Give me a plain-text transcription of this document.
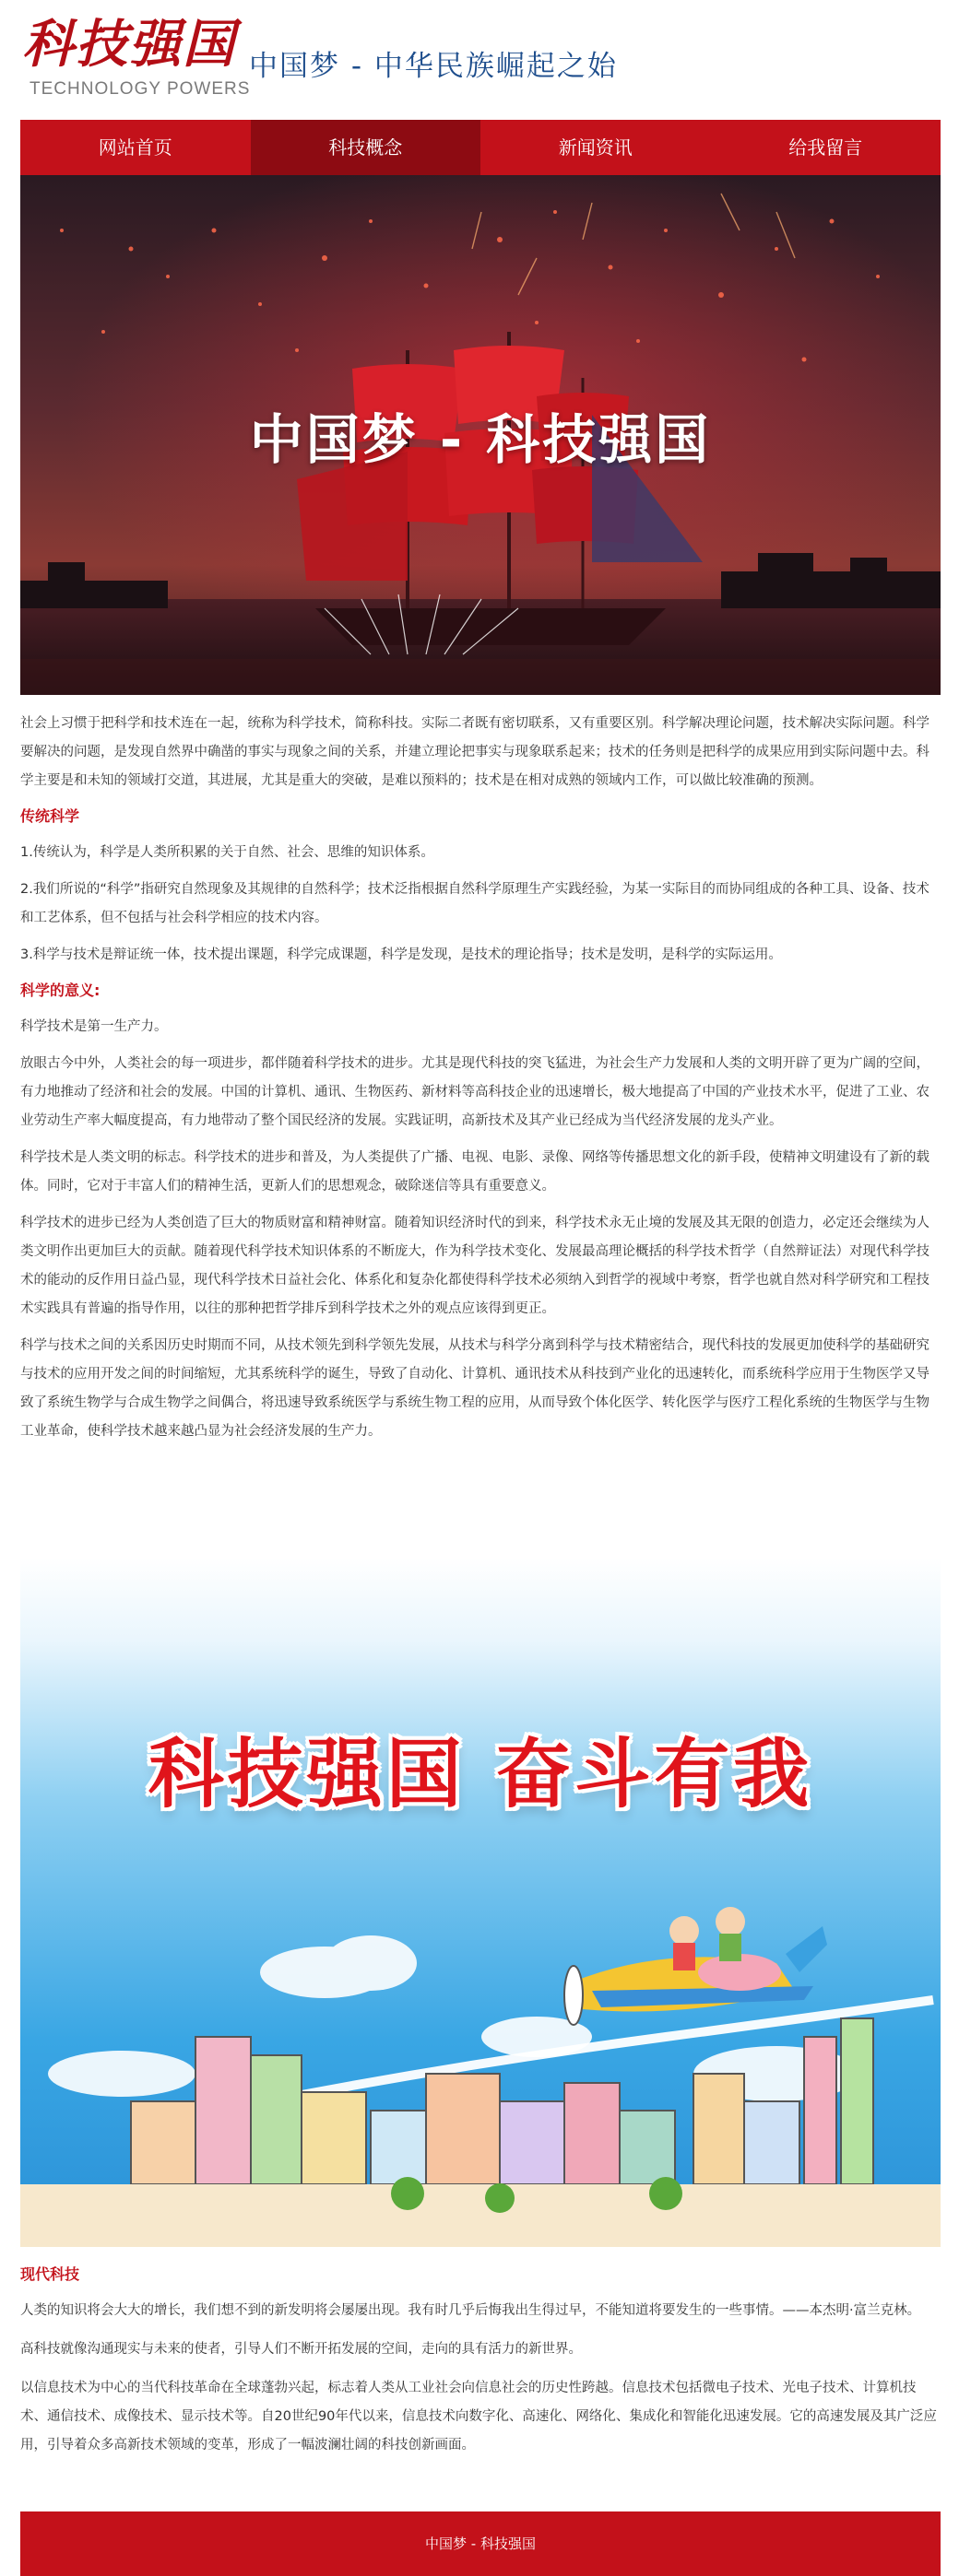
科技强国
TECHNOLOGY POWERS
中国梦 - 中华民族崛起之始
网站首页	科技概念	新闻资讯	给我留言
中国梦 - 科技强国

社会上习惯于把科学和技术连在一起，统称为科学技术，简称科技。实际二者既有密切联系，又有重要区别。科学解决理论问题，技术解决实际问题。科学要解决的问题，是发现自然界中确凿的事实与现象之间的关系，并建立理论把事实与现象联系起来；技术的任务则是把科学的成果应用到实际问题中去。科学主要是和未知的领域打交道，其进展，尤其是重大的突破，是难以预料的；技术是在相对成熟的领域内工作，可以做比较准确的预测。

传统科学

1.传统认为，科学是人类所积累的关于自然、社会、思维的知识体系。

2.我们所说的“科学”指研究自然现象及其规律的自然科学；技术泛指根据自然科学原理生产实践经验，为某一实际目的而协同组成的各种工具、设备、技术和工艺体系，但不包括与社会科学相应的技术内容。

3.科学与技术是辩证统一体，技术提出课题，科学完成课题，科学是发现，是技术的理论指导；技术是发明，是科学的实际运用。

科学的意义:

科学技术是第一生产力。

放眼古今中外，人类社会的每一项进步，都伴随着科学技术的进步。尤其是现代科技的突飞猛进，为社会生产力发展和人类的文明开辟了更为广阔的空间，有力地推动了经济和社会的发展。中国的计算机、通讯、生物医药、新材料等高科技企业的迅速增长，极大地提高了中国的产业技术水平，促进了工业、农业劳动生产率大幅度提高，有力地带动了整个国民经济的发展。实践证明，高新技术及其产业已经成为当代经济发展的龙头产业。

科学技术是人类文明的标志。科学技术的进步和普及，为人类提供了广播、电视、电影、录像、网络等传播思想文化的新手段，使精神文明建设有了新的载体。同时，它对于丰富人们的精神生活，更新人们的思想观念，破除迷信等具有重要意义。

科学技术的进步已经为人类创造了巨大的物质财富和精神财富。随着知识经济时代的到来，科学技术永无止境的发展及其无限的创造力，必定还会继续为人类文明作出更加巨大的贡献。随着现代科学技术知识体系的不断庞大，作为科学技术变化、发展最高理论概括的科学技术哲学（自然辩证法）对现代科学技术的能动的反作用日益凸显，现代科学技术日益社会化、体系化和复杂化都使得科学技术必须纳入到哲学的视域中考察，哲学也就自然对科学研究和工程技术实践具有普遍的指导作用，以往的那种把哲学排斥到科学技术之外的观点应该得到更正。

科学与技术之间的关系因历史时期而不同，从技术领先到科学领先发展，从技术与科学分离到科学与技术精密结合，现代科技的发展更加使科学的基础研究与技术的应用开发之间的时间缩短，尤其系统科学的诞生，导致了自动化、计算机、通讯技术从科技到产业化的迅速转化，而系统科学应用于生物医学又导致了系统生物学与合成生物学之间偶合，将迅速导致系统医学与系统生物工程的应用，从而导致个体化医学、转化医学与医疗工程化系统的生物医学与生物工业革命，使科学技术越来越凸显为社会经济发展的生产力。

科技强国 奋斗有我
现代科技

人类的知识将会大大的增长，我们想不到的新发明将会屡屡出现。我有时几乎后悔我出生得过早，不能知道将要发生的一些事情。——本杰明·富兰克林。

高科技就像沟通现实与未来的使者，引导人们不断开拓发展的空间，走向的具有活力的新世界。

以信息技术为中心的当代科技革命在全球蓬勃兴起，标志着人类从工业社会向信息社会的历史性跨越。信息技术包括微电子技术、光电子技术、计算机技术、通信技术、成像技术、显示技术等。自20世纪90年代以来，信息技术向数字化、高速化、网络化、集成化和智能化迅速发展。它的高速发展及其广泛应用，引导着众多高新技术领域的变革，形成了一幅波澜壮阔的科技创新画面。

中国梦 - 科技强国
